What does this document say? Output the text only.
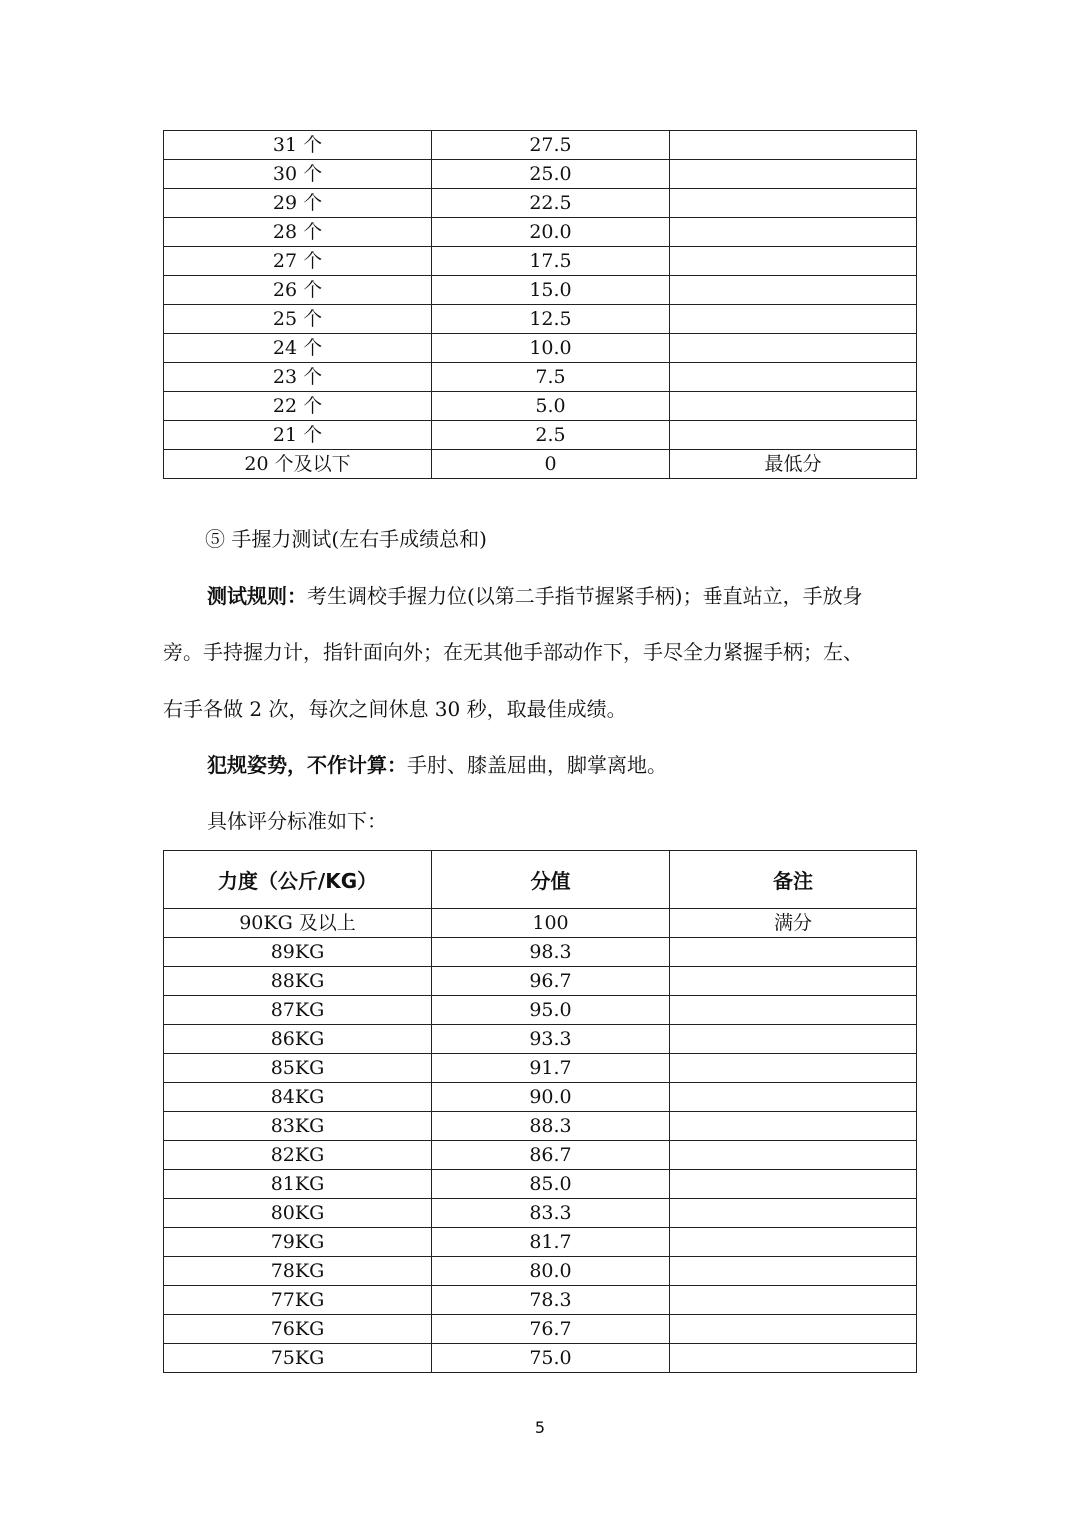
31 个	27.5	
30 个	25.0	
29 个	22.5	
28 个	20.0	
27 个	17.5	
26 个	15.0	
25 个	12.5	
24 个	10.0	
23 个	7.5	
22 个	5.0	
21 个	2.5	
20 个及以下	0	最低分
⑤ 手握力测试(左右手成绩总和)
测试规则：考生调校手握力位(以第二手指节握紧手柄)；垂直站立，手放身
旁。手持握力计，指针面向外；在无其他手部动作下，手尽全力紧握手柄；左、
右手各做 2 次，每次之间休息 30 秒，取最佳成绩。
犯规姿势，不作计算：手肘、膝盖屈曲，脚掌离地。
具体评分标准如下：
力度（公斤/KG）	分值	备注
90KG 及以上	100	满分
89KG	98.3	
88KG	96.7	
87KG	95.0	
86KG	93.3	
85KG	91.7	
84KG	90.0	
83KG	88.3	
82KG	86.7	
81KG	85.0	
80KG	83.3	
79KG	81.7	
78KG	80.0	
77KG	78.3	
76KG	76.7	
75KG	75.0	
5
